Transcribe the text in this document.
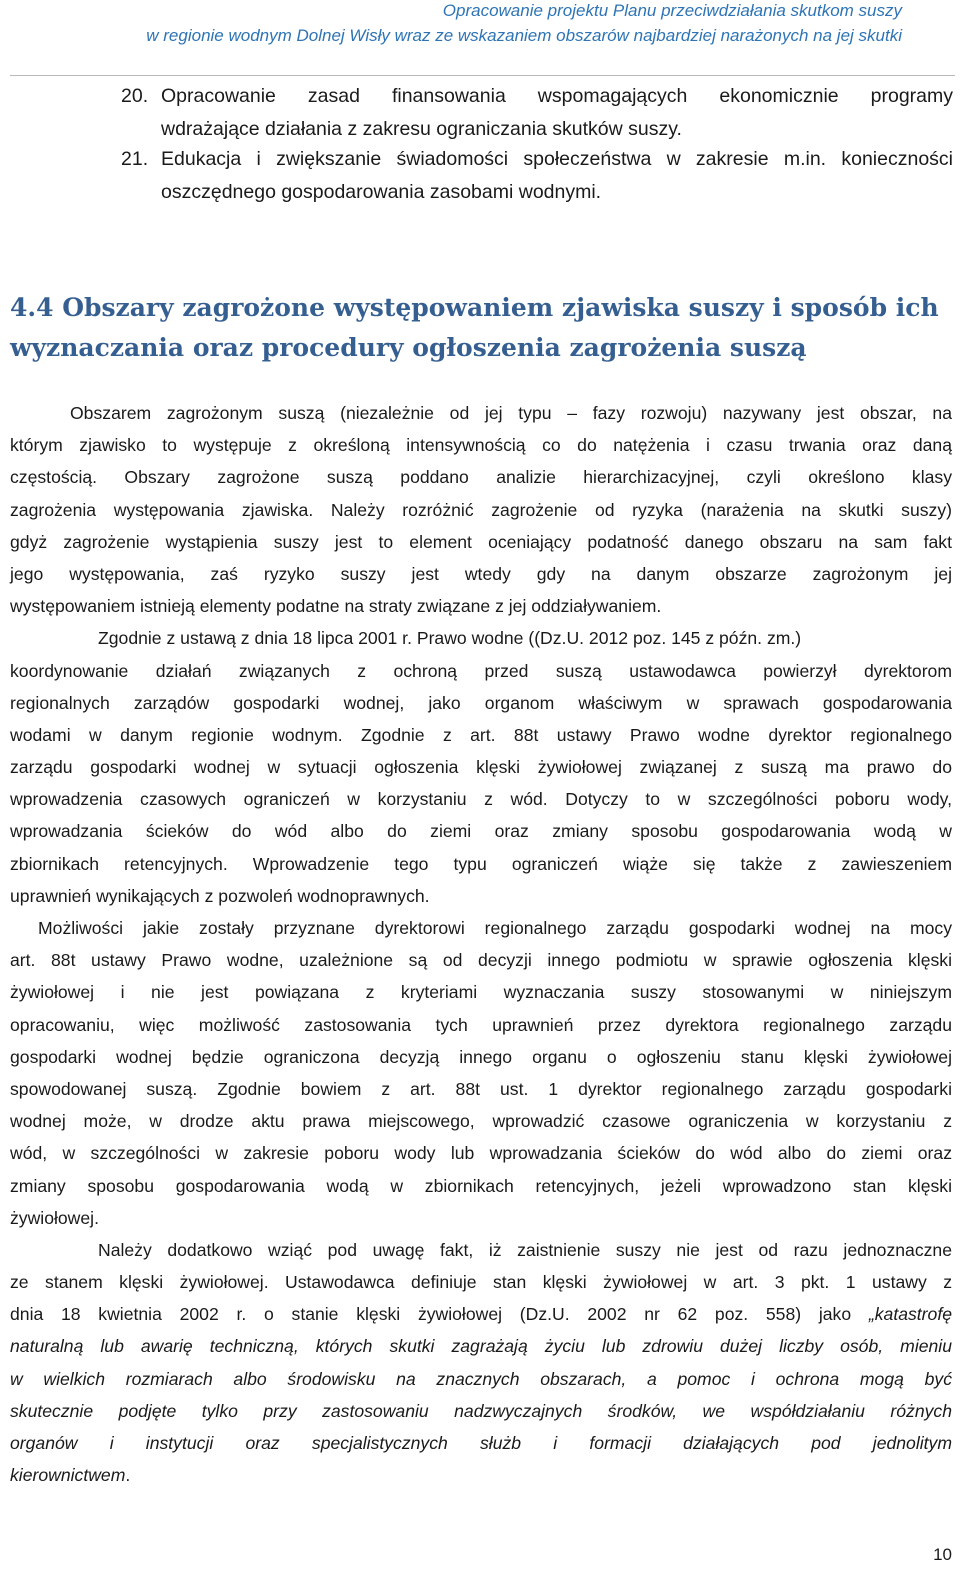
Opracowanie projektu Planu przeciwdziałania skutkom suszy
w regionie wodnym Dolnej Wisły wraz ze wskazaniem obszarów najbardziej narażonych na jej skutki
20. Opracowanie zasad finansowania wspomagających ekonomicznie programy
wdrażające działania z zakresu ograniczania skutków suszy.
21. Edukacja i zwiększanie świadomości społeczeństwa w zakresie m.in. konieczności
oszczędnego gospodarowania zasobami wodnymi.
4.4 Obszary zagrożone występowaniem zjawiska suszy i sposób ich
wyznaczania oraz procedury ogłoszenia zagrożenia suszą
Obszarem zagrożonym suszą (niezależnie od jej typu – fazy rozwoju) nazywany jest obszar, na
którym zjawisko to występuje z określoną intensywnością co do natężenia i czasu trwania oraz daną
częstością. Obszary zagrożone suszą poddano analizie hierarchizacyjnej, czyli określono klasy
zagrożenia występowania zjawiska. Należy rozróżnić zagrożenie od ryzyka (narażenia na skutki suszy)
gdyż zagrożenie wystąpienia suszy jest to element oceniający podatność danego obszaru na sam fakt
jego występowania, zaś ryzyko suszy jest wtedy gdy na danym obszarze zagrożonym jej
występowaniem istnieją elementy podatne na straty związane z jej oddziaływaniem.
Zgodnie z ustawą z dnia 18 lipca 2001 r. Prawo wodne ((Dz.U. 2012 poz. 145 z późn. zm.)
koordynowanie działań związanych z ochroną przed suszą ustawodawca powierzył dyrektorom
regionalnych zarządów gospodarki wodnej, jako organom właściwym w sprawach gospodarowania
wodami w danym regionie wodnym. Zgodnie z art. 88t ustawy Prawo wodne dyrektor regionalnego
zarządu gospodarki wodnej w sytuacji ogłoszenia klęski żywiołowej związanej z suszą ma prawo do
wprowadzenia czasowych ograniczeń w korzystaniu z wód. Dotyczy to w szczególności poboru wody,
wprowadzania ścieków do wód albo do ziemi oraz zmiany sposobu gospodarowania wodą w
zbiornikach retencyjnych. Wprowadzenie tego typu ograniczeń wiąże się także z zawieszeniem
uprawnień wynikających z pozwoleń wodnoprawnych.
Możliwości jakie zostały przyznane dyrektorowi regionalnego zarządu gospodarki wodnej na mocy
art. 88t ustawy Prawo wodne, uzależnione są od decyzji innego podmiotu w sprawie ogłoszenia klęski
żywiołowej i nie jest powiązana z kryteriami wyznaczania suszy stosowanymi w niniejszym
opracowaniu, więc możliwość zastosowania tych uprawnień przez dyrektora regionalnego zarządu
gospodarki wodnej będzie ograniczona decyzją innego organu o ogłoszeniu stanu klęski żywiołowej
spowodowanej suszą. Zgodnie bowiem z art. 88t ust. 1 dyrektor regionalnego zarządu gospodarki
wodnej może, w drodze aktu prawa miejscowego, wprowadzić czasowe ograniczenia w korzystaniu z
wód, w szczególności w zakresie poboru wody lub wprowadzania ścieków do wód albo do ziemi oraz
zmiany sposobu gospodarowania wodą w zbiornikach retencyjnych, jeżeli wprowadzono stan klęski
żywiołowej.
Należy dodatkowo wziąć pod uwagę fakt, iż zaistnienie suszy nie jest od razu jednoznaczne
ze stanem klęski żywiołowej. Ustawodawca definiuje stan klęski żywiołowej w art. 3 pkt. 1 ustawy z
dnia 18 kwietnia 2002 r. o stanie klęski żywiołowej (Dz.U. 2002 nr 62 poz. 558) jako „katastrofę
naturalną lub awarię techniczną, których skutki zagrażają życiu lub zdrowiu dużej liczby osób, mieniu
w wielkich rozmiarach albo środowisku na znacznych obszarach, a pomoc i ochrona mogą być
skutecznie podjęte tylko przy zastosowaniu nadzwyczajnych środków, we współdziałaniu różnych
organów i instytucji oraz specjalistycznych służb i formacji działających pod jednolitym
kierownictwem.
10
